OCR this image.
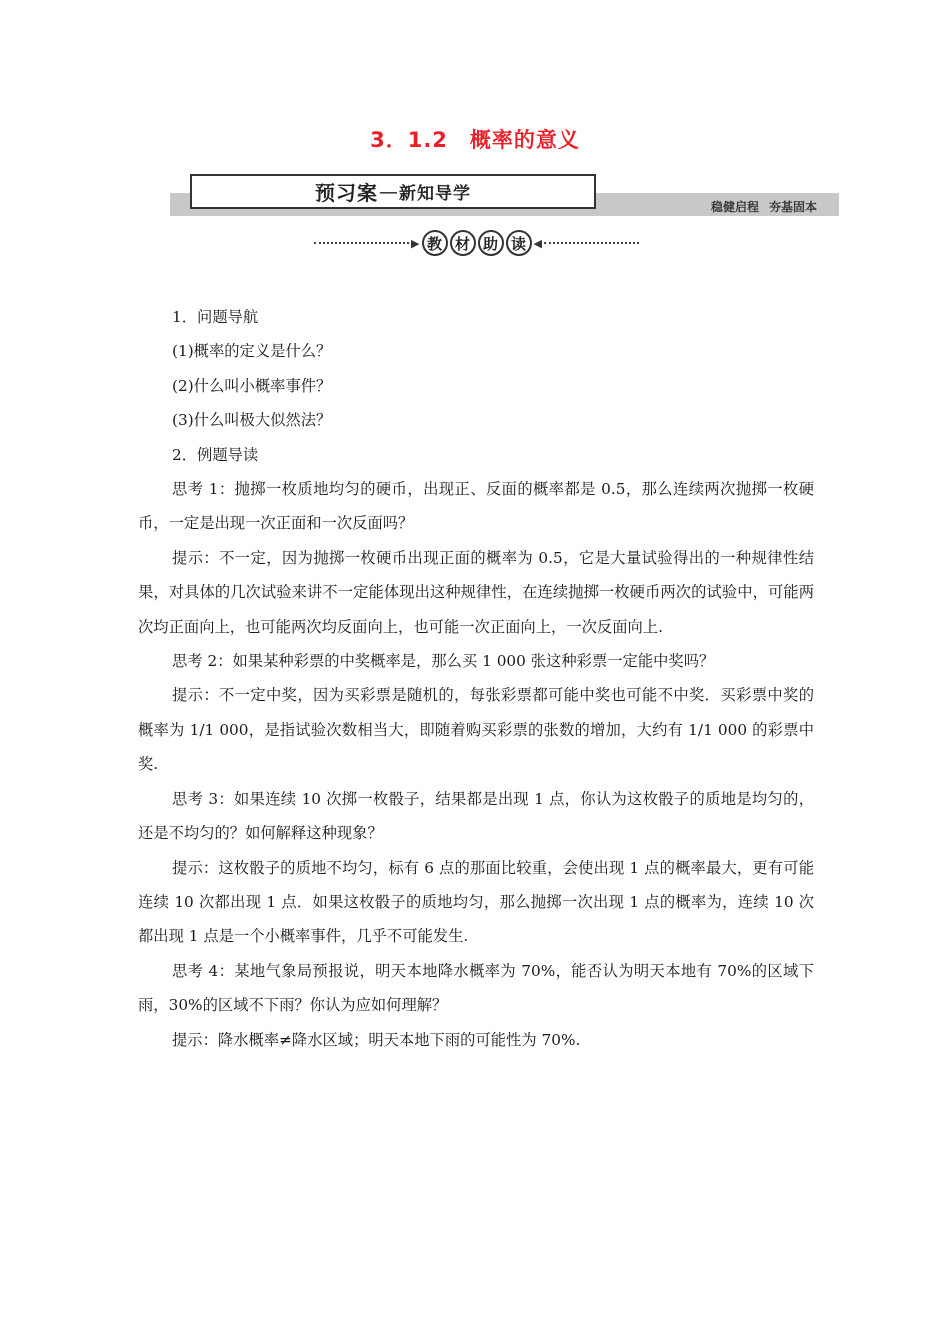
3．1.2　概率的意义
预习案 — 新知导学
稳健启程 夯基固本
▶ 教 材 助 读 ◀

1．问题导航

(1)概率的定义是什么？

(2)什么叫小概率事件？

(3)什么叫极大似然法？

2．例题导读

思考 1：抛掷一枚质地均匀的硬币，出现正、反面的概率都是 0.5，那么连续两次抛掷一枚硬币，一定是出现一次正面和一次反面吗？

提示：不一定，因为抛掷一枚硬币出现正面的概率为 0.5，它是大量试验得出的一种规律性结果，对具体的几次试验来讲不一定能体现出这种规律性，在连续抛掷一枚硬币两次的试验中，可能两次均正面向上，也可能两次均反面向上，也可能一次正面向上，一次反面向上.

思考 2：如果某种彩票的中奖概率是，那么买 1 000 张这种彩票一定能中奖吗？

提示：不一定中奖，因为买彩票是随机的，每张彩票都可能中奖也可能不中奖．买彩票中奖的概率为 1/1 000，是指试验次数相当大，即随着购买彩票的张数的增加，大约有 1/1 000 的彩票中奖.

思考 3：如果连续 10 次掷一枚骰子，结果都是出现 1 点，你认为这枚骰子的质地是均匀的，还是不均匀的？如何解释这种现象？

提示：这枚骰子的质地不均匀，标有 6 点的那面比较重，会使出现 1 点的概率最大，更有可能连续 10 次都出现 1 点．如果这枚骰子的质地均匀，那么抛掷一次出现 1 点的概率为，连续 10 次都出现 1 点是一个小概率事件，几乎不可能发生.

思考 4：某地气象局预报说，明天本地降水概率为 70%，能否认为明天本地有 70%的区域下雨，30%的区域不下雨？你认为应如何理解？

提示：降水概率≠降水区域；明天本地下雨的可能性为 70%.
